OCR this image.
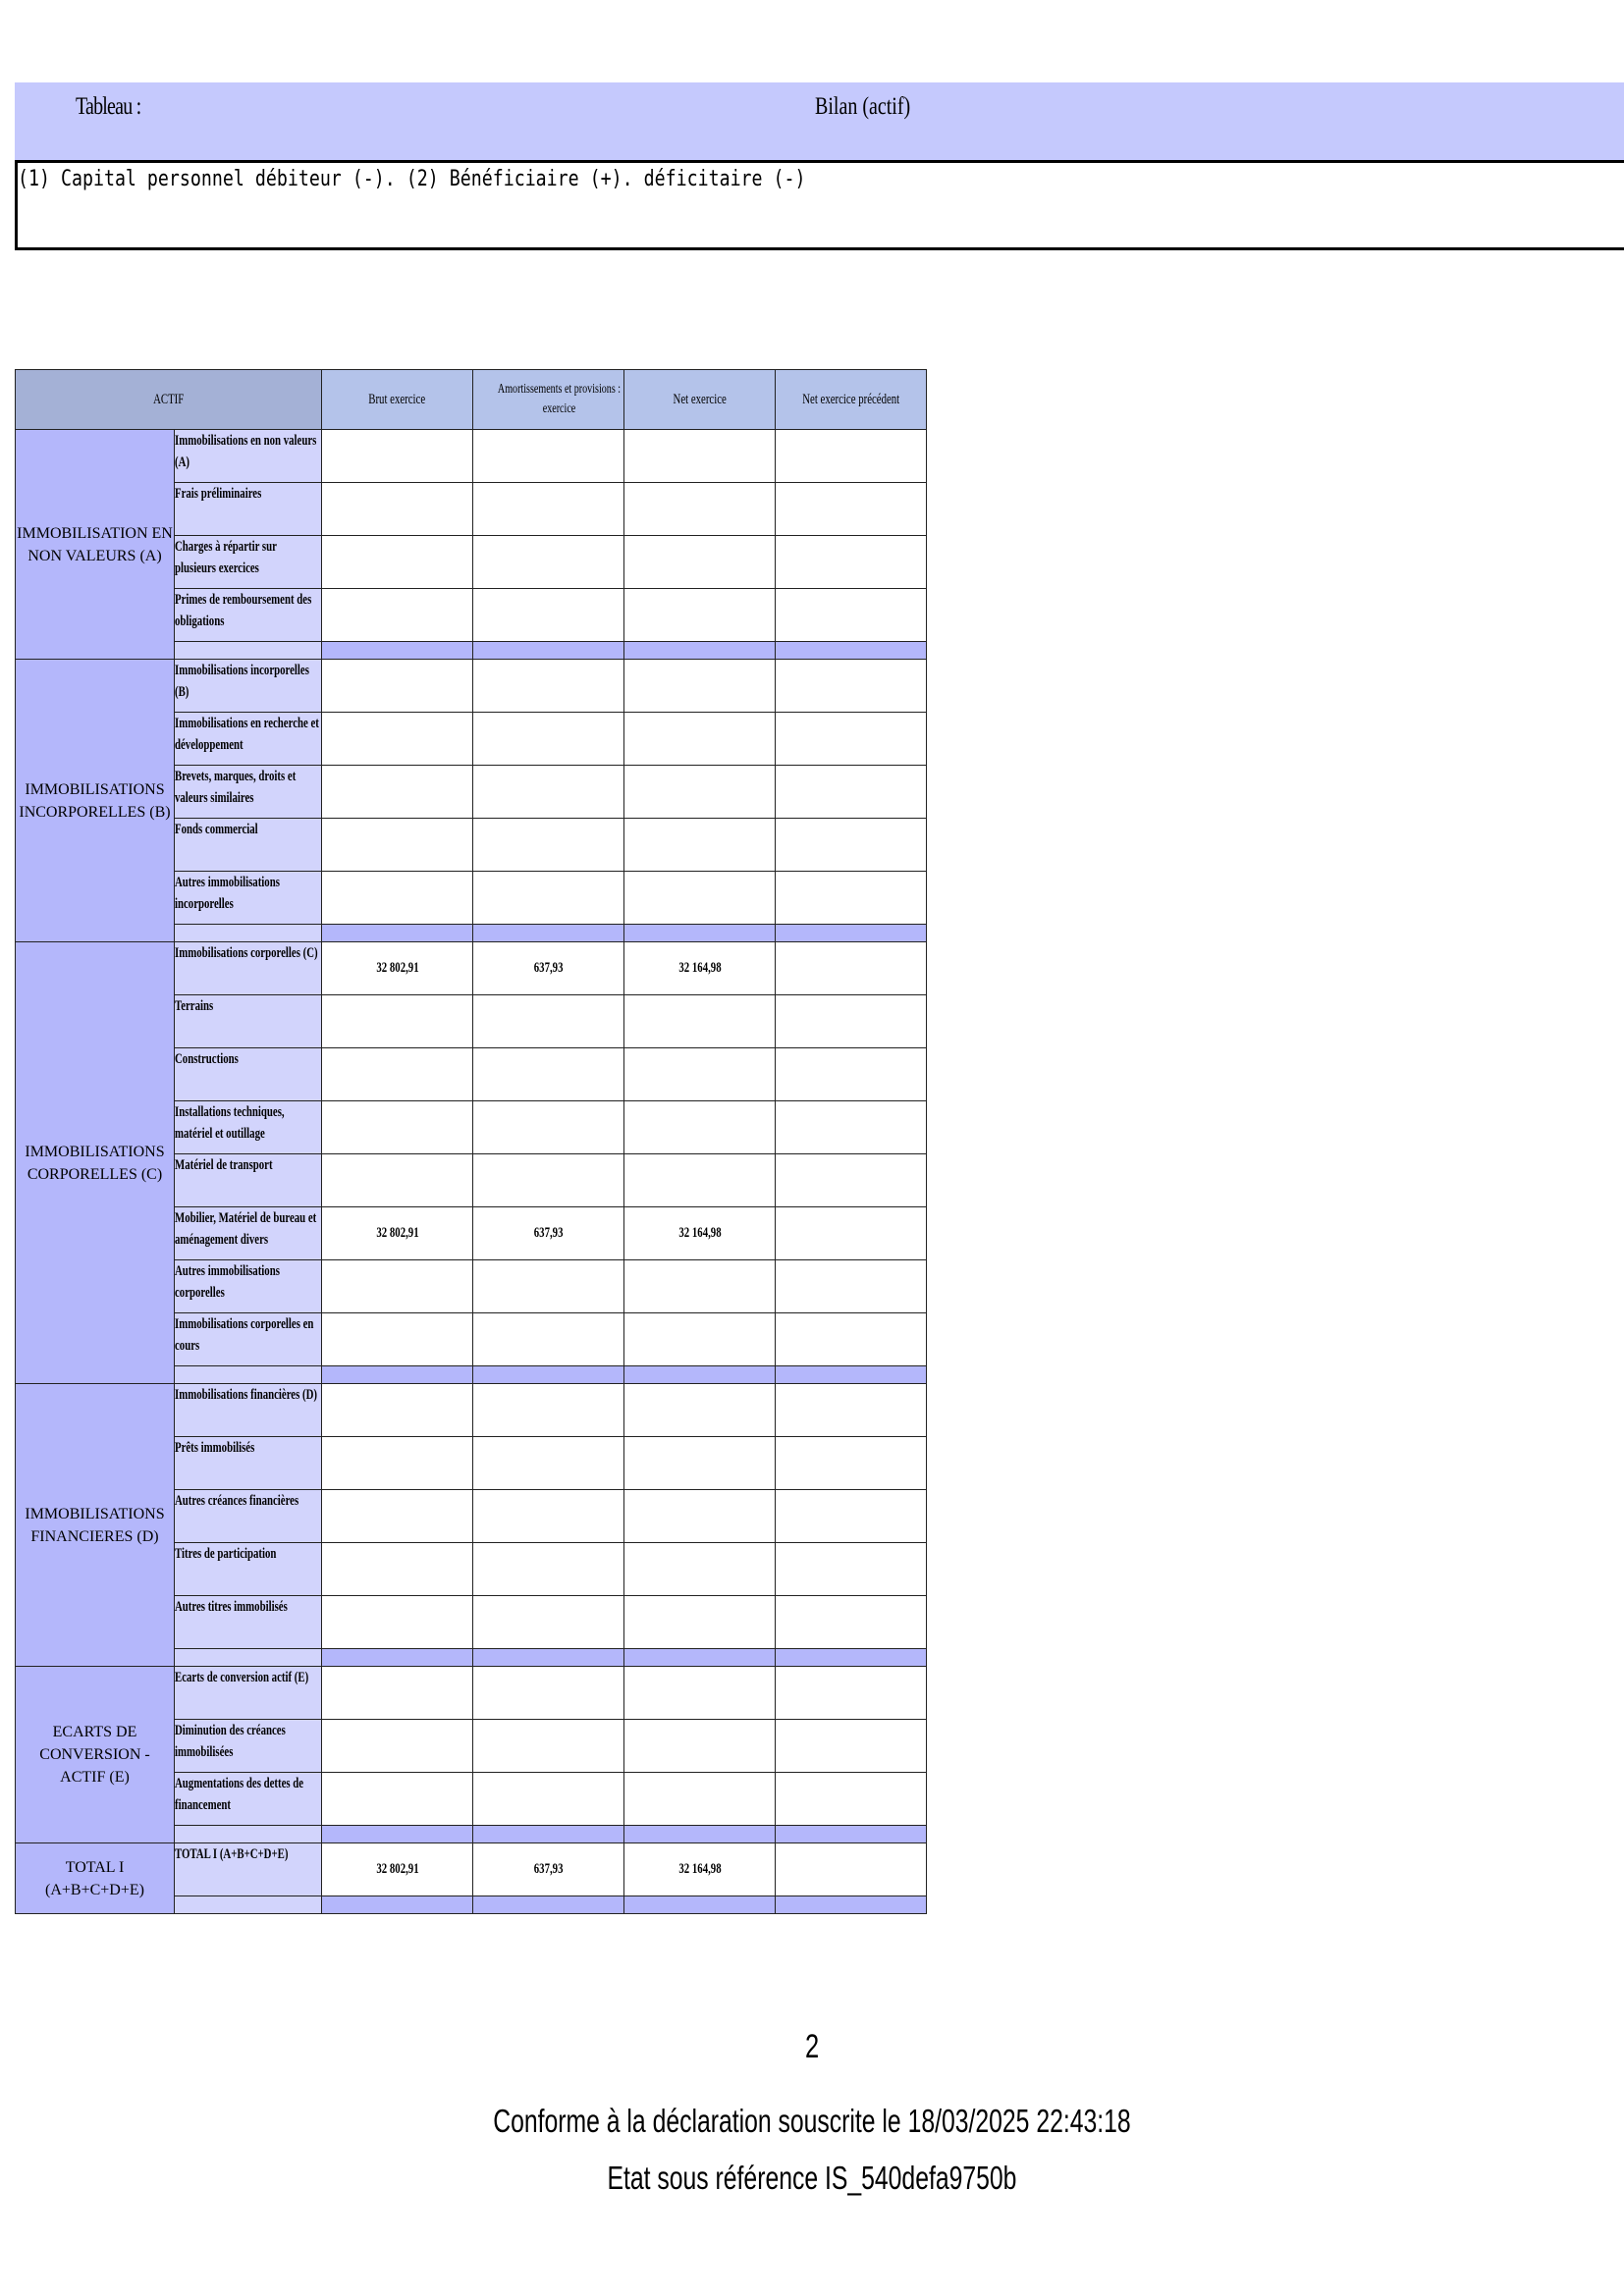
Tableau :	Bilan (actif)
(1) Capital personnel débiteur (-). (2) Bénéficiaire (+). déficitaire (-)
ACTIF		Brut exercice	Amortissements et provisions : exercice	Net exercice	Net exercice précédent
IMMOBILISATION EN NON VALEURS (A)	Immobilisations en non valeurs (A)				

	Frais préliminaires				

	Charges à répartir sur plusieurs exercices				

	Primes de remboursement des obligations				

IMMOBILISATIONS INCORPORELLES (B)	Immobilisations incorporelles (B)				

	Immobilisations en recherche et développement				

	Brevets, marques, droits et valeurs similaires				

	Fonds commercial				

	Autres immobilisations incorporelles				

IMMOBILISATIONS CORPORELLES (C)	Immobilisations corporelles (C)	32 802,91	637,93	32 164,98	

	Terrains				

	Constructions				

	Installations techniques, matériel et outillage				

	Matériel de transport				

	Mobilier, Matériel de bureau et aménagement divers	32 802,91	637,93	32 164,98	

	Autres immobilisations corporelles				

	Immobilisations corporelles en cours				

IMMOBILISATIONS FINANCIERES (D)	Immobilisations financières (D)				

	Prêts immobilisés				

	Autres créances financières				

	Titres de participation				

	Autres titres immobilisés				

ECARTS DE CONVERSION - ACTIF (E)	Ecarts de conversion actif (E)				

	Diminution des créances immobilisées				

	Augmentations des dettes de financement				

TOTAL I (A+B+C+D+E)	TOTAL I (A+B+C+D+E)	32 802,91	637,93	32 164,98	

2
Conforme à la déclaration souscrite le 18/03/2025 22:43:18
Etat sous référence IS_540defa9750b
